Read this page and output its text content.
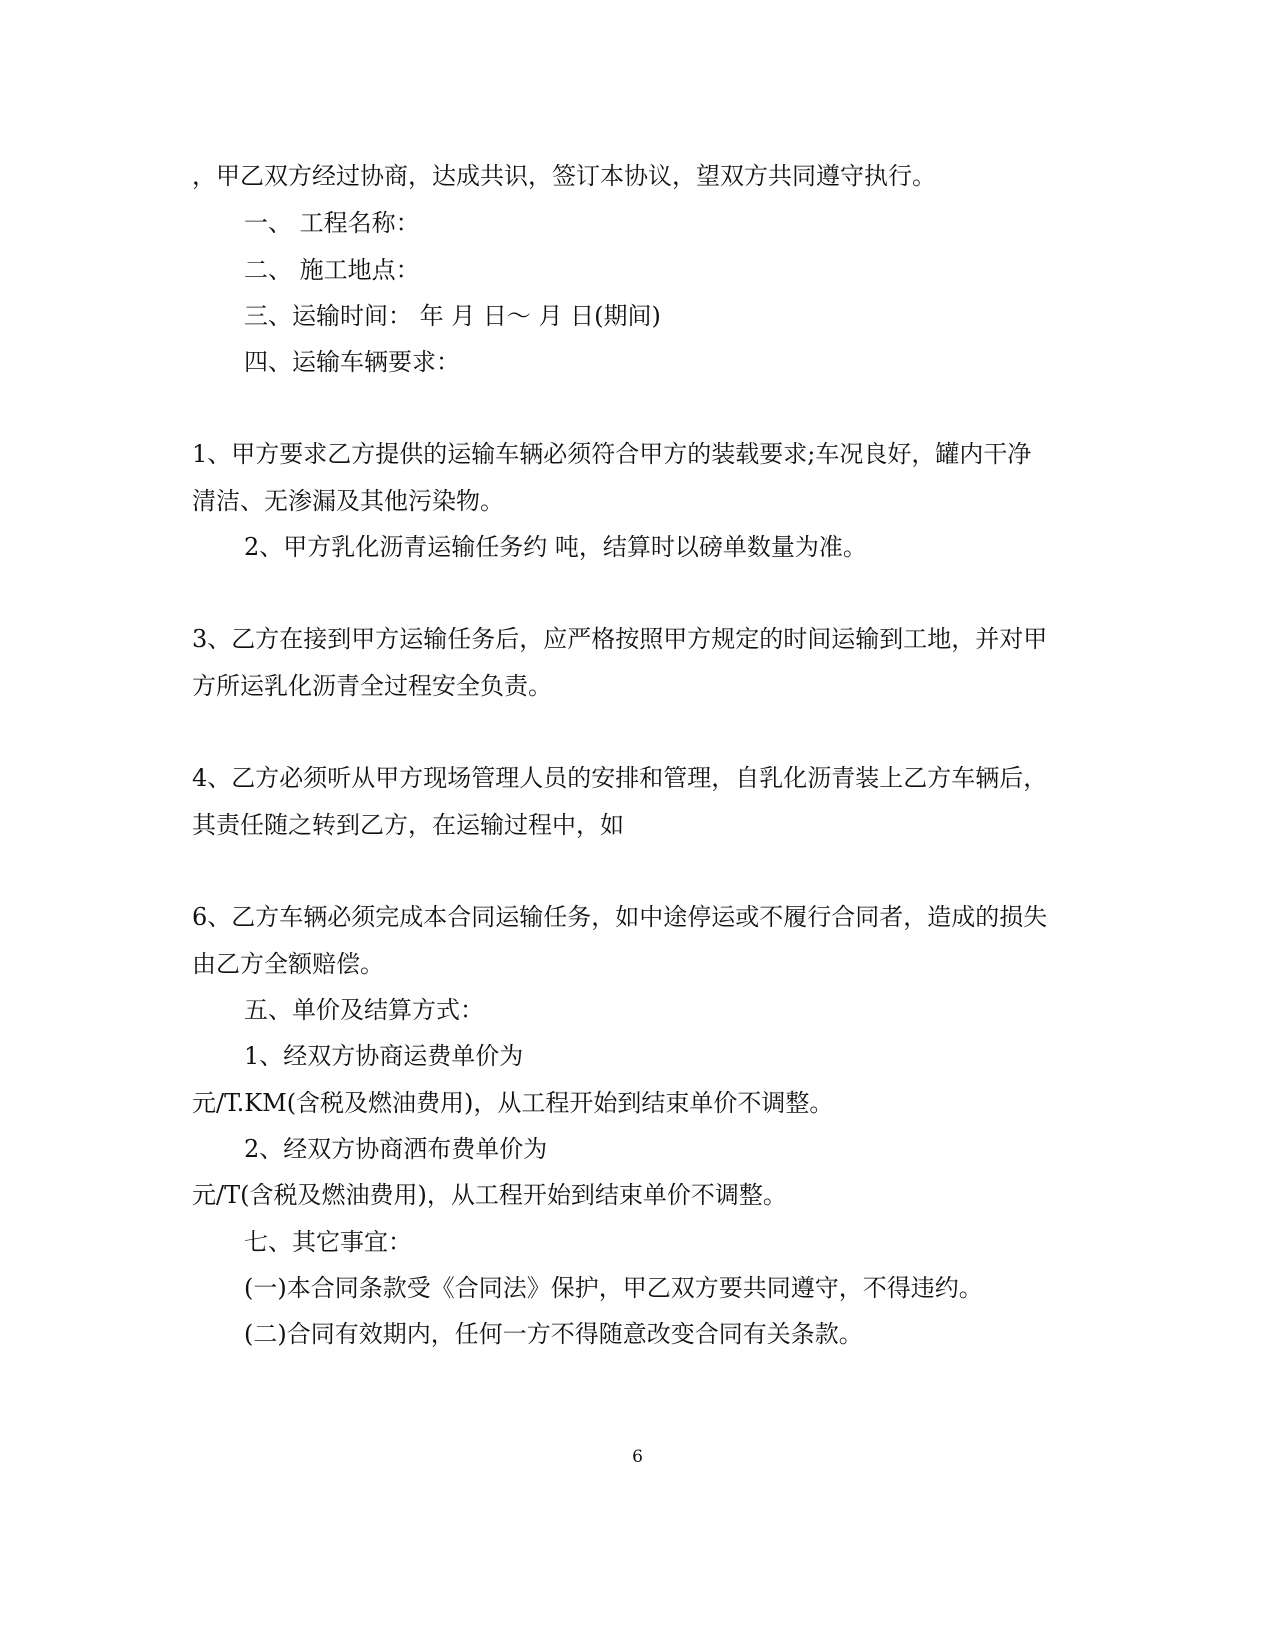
，甲乙双方经过协商，达成共识，签订本协议，望双方共同遵守执行。
一、 工程名称：
二、 施工地点：
三、运输时间： 年 月 日～ 月 日(期间)
四、运输车辆要求：
1、甲方要求乙方提供的运输车辆必须符合甲方的装载要求;车况良好，罐内干净
清洁、无渗漏及其他污染物。
2、甲方乳化沥青运输任务约 吨，结算时以磅单数量为准。
3、乙方在接到甲方运输任务后，应严格按照甲方规定的时间运输到工地，并对甲
方所运乳化沥青全过程安全负责。
4、乙方必须听从甲方现场管理人员的安排和管理，自乳化沥青装上乙方车辆后，
其责任随之转到乙方，在运输过程中，如
6、乙方车辆必须完成本合同运输任务，如中途停运或不履行合同者，造成的损失
由乙方全额赔偿。
五、单价及结算方式：
1、经双方协商运费单价为
元/T.KM(含税及燃油费用)，从工程开始到结束单价不调整。
2、经双方协商洒布费单价为
元/T(含税及燃油费用)，从工程开始到结束单价不调整。
七、其它事宜：
(一)本合同条款受《合同法》保护，甲乙双方要共同遵守，不得违约。
(二)合同有效期内，任何一方不得随意改变合同有关条款。
6
